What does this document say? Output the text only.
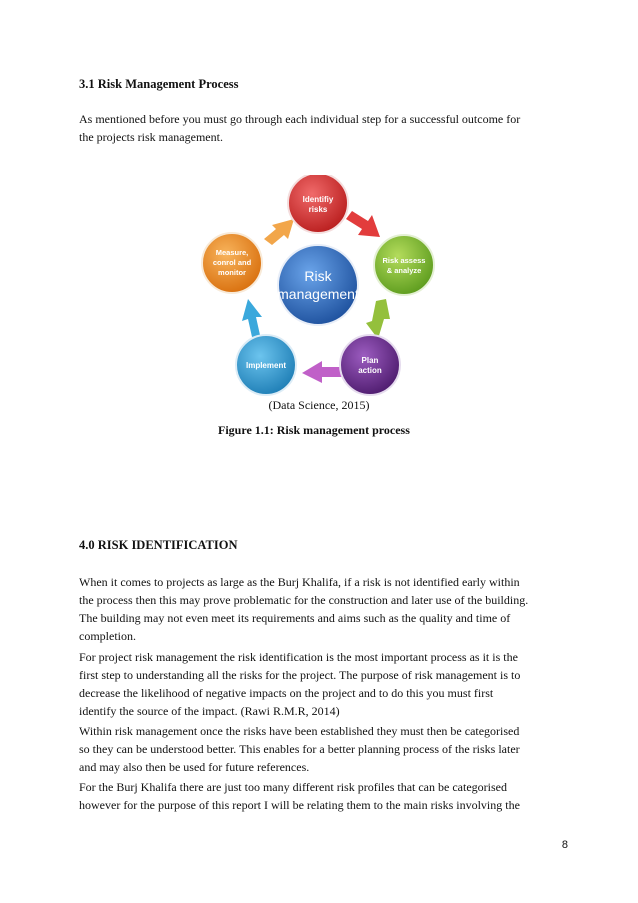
3.1 Risk Management Process
As mentioned before you must go through each individual step for a successful outcome for
the projects risk management.
Risk
management
Identifiy
risks
Risk assess
& analyze
Plan
action
Implement
Measure,
conrol and
monitor
(Data Science, 2015)
Figure 1.1: Risk management process
4.0 RISK IDENTIFICATION
When it comes to projects as large as the Burj Khalifa, if a risk is not identified early within
the process then this may prove problematic for the construction and later use of the building.
The building may not even meet its requirements and aims such as the quality and time of
completion.
For project risk management the risk identification is the most important process as it is the
first step to understanding all the risks for the project. The purpose of risk management is to
decrease the likelihood of negative impacts on the project and to do this you must first
identify the source of the impact. (Rawi R.M.R, 2014)
Within risk management once the risks have been established they must then be categorised
so they can be understood better. This enables for a better planning process of the risks later
and may also then be used for future references.
For the Burj Khalifa there are just too many different risk profiles that can be categorised
however for the purpose of this report I will be relating them to the main risks involving the
8
